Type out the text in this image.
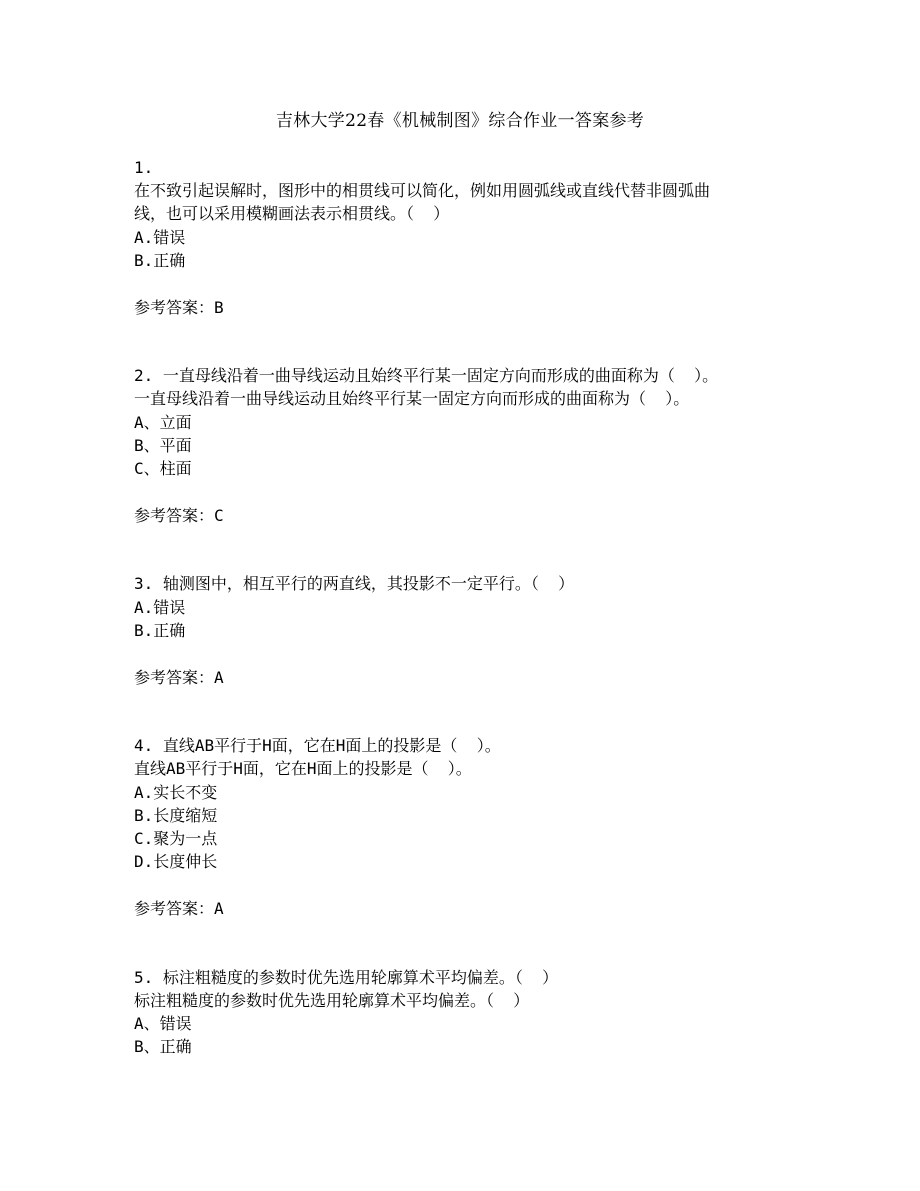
吉林大学22春《机械制图》综合作业一答案参考

1.

在不致引起误解时，图形中的相贯线可以简化，例如用圆弧线或直线代替非圆弧曲

线，也可以采用模糊画法表示相贯线。（  ）

A.错误

B.正确

参考答案：B

2. 一直母线沿着一曲导线运动且始终平行某一固定方向而形成的曲面称为（  ）。

一直母线沿着一曲导线运动且始终平行某一固定方向而形成的曲面称为（  ）。

A、立面

B、平面

C、柱面

参考答案：C

3. 轴测图中，相互平行的两直线，其投影不一定平行。（  ）

A.错误

B.正确

参考答案：A

4. 直线AB平行于H面，它在H面上的投影是（  ）。

直线AB平行于H面，它在H面上的投影是（  ）。

A.实长不变

B.长度缩短

C.聚为一点

D.长度伸长

参考答案：A

5. 标注粗糙度的参数时优先选用轮廓算术平均偏差。（  ）

标注粗糙度的参数时优先选用轮廓算术平均偏差。（  ）

A、错误

B、正确
